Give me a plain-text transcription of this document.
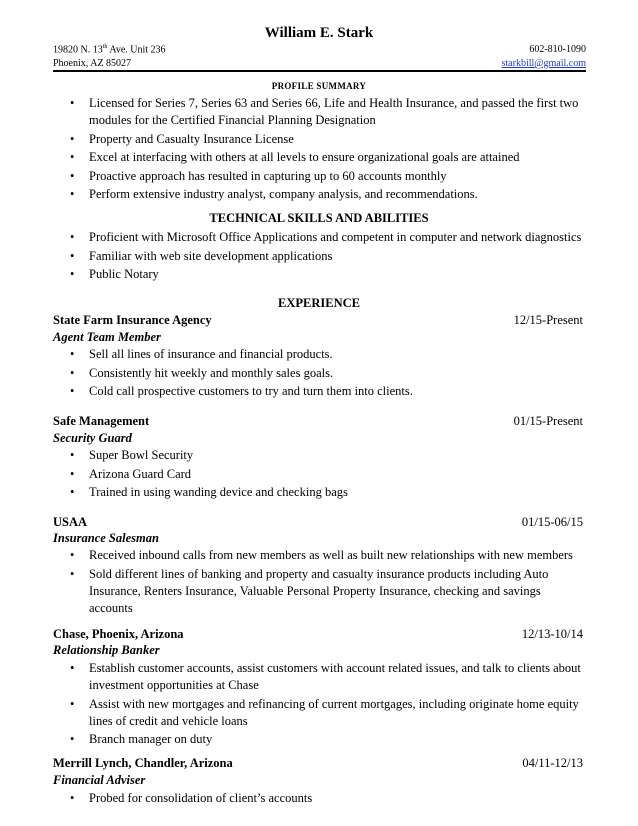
William E. Stark
19820 N. 13th Ave. Unit 236	602-810-1090
Phoenix, AZ 85027	starkbill@gmail.com
PROFILE SUMMARY
• Licensed for Series 7, Series 63 and Series 66, Life and Health Insurance, and passed the first two modules for the Certified Financial Planning Designation
• Property and Casualty Insurance License
• Excel at interfacing with others at all levels to ensure organizational goals are attained
• Proactive approach has resulted in capturing up to 60 accounts monthly
• Perform extensive industry analyst, company analysis, and recommendations.
TECHNICAL SKILLS AND ABILITIES
• Proficient with Microsoft Office Applications and competent in computer and network diagnostics
• Familiar with web site development applications
• Public Notary
EXPERIENCE
State Farm Insurance Agency	12/15-Present
Agent Team Member
• Sell all lines of insurance and financial products.
• Consistently hit weekly and monthly sales goals.
• Cold call prospective customers to try and turn them into clients.
Safe Management	01/15-Present
Security Guard
• Super Bowl Security
• Arizona Guard Card
• Trained in using wanding device and checking bags
USAA	01/15-06/15
Insurance Salesman
• Received inbound calls from new members as well as built new relationships with new members
• Sold different lines of banking and property and casualty insurance products including Auto Insurance, Renters Insurance, Valuable Personal Property Insurance, checking and savings accounts
Chase, Phoenix, Arizona	12/13-10/14
Relationship Banker
• Establish customer accounts, assist customers with account related issues, and talk to clients about investment opportunities at Chase
• Assist with new mortgages and refinancing of current mortgages, including originate home equity lines of credit and vehicle loans
• Branch manager on duty
Merrill Lynch, Chandler, Arizona	04/11-12/13
Financial Adviser
• Probed for consolidation of client’s accounts
